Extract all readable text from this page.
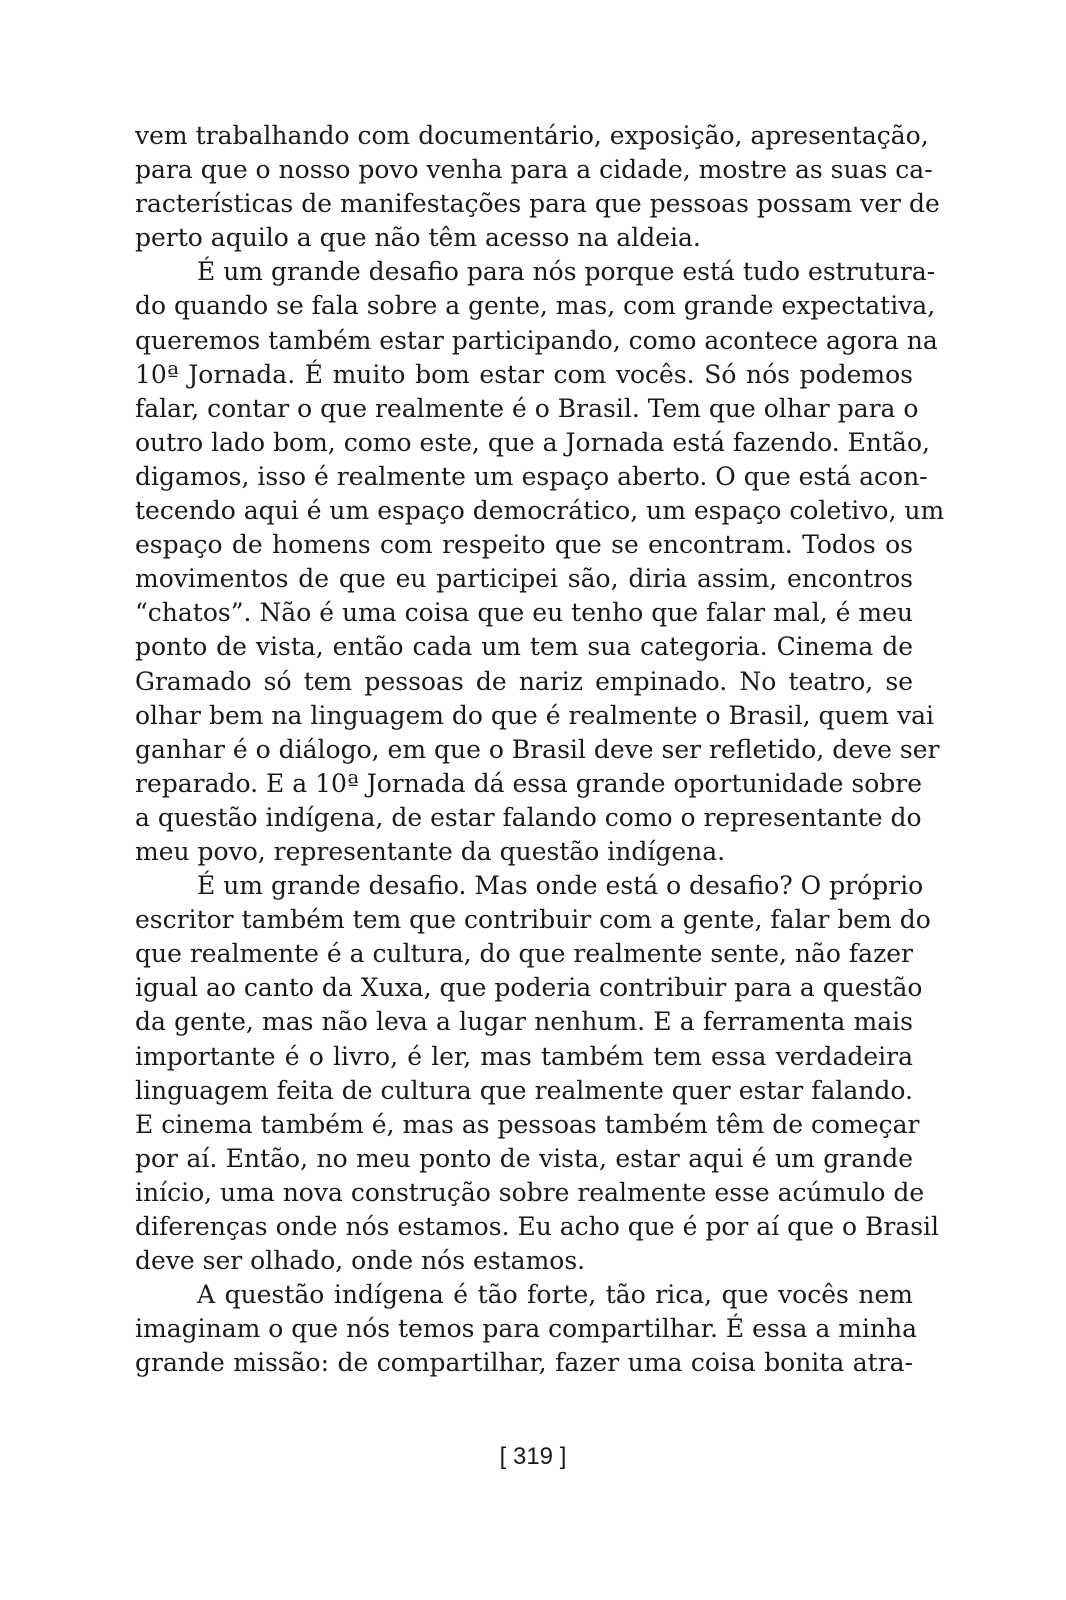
vem trabalhando com documentário, exposição, apresentação,
para que o nosso povo venha para a cidade, mostre as suas ca-
racterísticas de manifestações para que pessoas possam ver de
perto aquilo a que não têm acesso na aldeia.
É um grande desafio para nós porque está tudo estrutura-
do quando se fala sobre a gente, mas, com grande expectativa,
queremos também estar participando, como acontece agora na
10ª Jornada. É muito bom estar com vocês. Só nós podemos
falar, contar o que realmente é o Brasil. Tem que olhar para o
outro lado bom, como este, que a Jornada está fazendo. Então,
digamos, isso é realmente um espaço aberto. O que está acon-
tecendo aqui é um espaço democrático, um espaço coletivo, um
espaço de homens com respeito que se encontram. Todos os
movimentos de que eu participei são, diria assim, encontros
“chatos”. Não é uma coisa que eu tenho que falar mal, é meu
ponto de vista, então cada um tem sua categoria. Cinema de
Gramado só tem pessoas de nariz empinado. No teatro, se
olhar bem na linguagem do que é realmente o Brasil, quem vai
ganhar é o diálogo, em que o Brasil deve ser refletido, deve ser
reparado. E a 10ª Jornada dá essa grande oportunidade sobre
a questão indígena, de estar falando como o representante do
meu povo, representante da questão indígena.
É um grande desafio. Mas onde está o desafio? O próprio
escritor também tem que contribuir com a gente, falar bem do
que realmente é a cultura, do que realmente sente, não fazer
igual ao canto da Xuxa, que poderia contribuir para a questão
da gente, mas não leva a lugar nenhum. E a ferramenta mais
importante é o livro, é ler, mas também tem essa verdadeira
linguagem feita de cultura que realmente quer estar falando.
E cinema também é, mas as pessoas também têm de começar
por aí. Então, no meu ponto de vista, estar aqui é um grande
início, uma nova construção sobre realmente esse acúmulo de
diferenças onde nós estamos. Eu acho que é por aí que o Brasil
deve ser olhado, onde nós estamos.
A questão indígena é tão forte, tão rica, que vocês nem
imaginam o que nós temos para compartilhar. É essa a minha
grande missão: de compartilhar, fazer uma coisa bonita atra-
[ 319 ]
